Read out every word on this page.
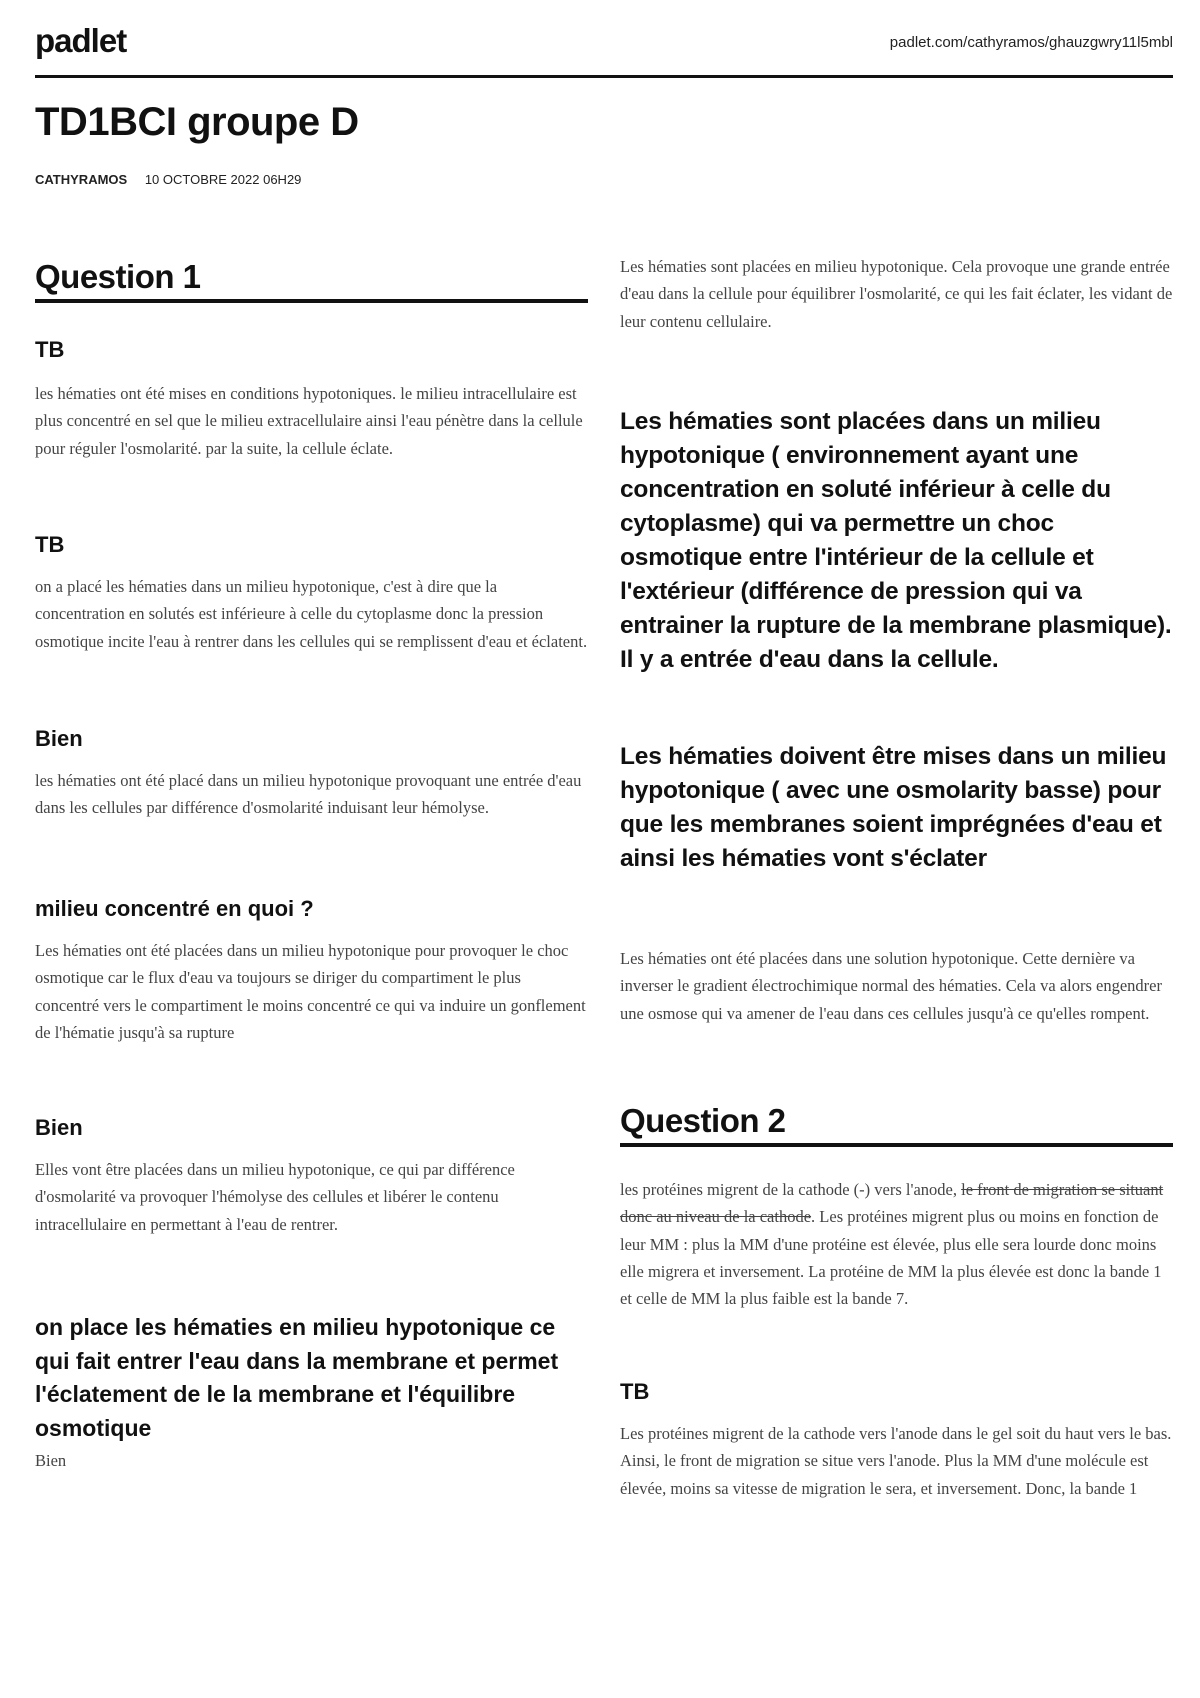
padlet	padlet.com/cathyramos/ghauzgwry11l5mbl
TD1BCI groupe D
CATHYRAMOS 10 OCTOBRE 2022 06H29
Question 1
TB

les hématies ont été mises en conditions hypotoniques. le milieu intracellulaire est plus concentré en sel que le milieu extracellulaire ainsi l'eau pénètre dans la cellule pour réguler l'osmolarité. par la suite, la cellule éclate.

TB

on a placé les hématies dans un milieu hypotonique, c'est à dire que la concentration en solutés est inférieure à celle du cytoplasme donc la pression osmotique incite l'eau à rentrer dans les cellules qui se remplissent d'eau et éclatent.

Bien

les hématies ont été placé dans un milieu hypotonique provoquant une entrée d'eau dans les cellules par différence d'osmolarité induisant leur hémolyse.

milieu concentré en quoi ?

Les hématies ont été placées dans un milieu hypotonique pour provoquer le choc osmotique car le flux d'eau va toujours se diriger du compartiment le plus concentré vers le compartiment le moins concentré ce qui va induire un gonflement de l'hématie jusqu'à sa rupture

Bien

Elles vont être placées dans un milieu hypotonique, ce qui par différence d'osmolarité va provoquer l'hémolyse des cellules et libérer le contenu intracellulaire en permettant à l'eau de rentrer.

on place les hématies en milieu hypotonique ce qui fait entrer l'eau dans la membrane et permet l'éclatement de le la membrane et l'équilibre osmotique

Bien

Les hématies sont placées en milieu hypotonique. Cela provoque une grande entrée d'eau dans la cellule pour équilibrer l'osmolarité, ce qui les fait éclater, les vidant de leur contenu cellulaire.

Les hématies sont placées dans un milieu hypotonique ( environnement ayant une concentration en soluté inférieur à celle du cytoplasme) qui va permettre un choc osmotique entre l'intérieur de la cellule et l'extérieur (différence de pression qui va entrainer la rupture de la membrane plasmique). Il y a entrée d'eau dans la cellule.
Les hématies doivent être mises dans un milieu hypotonique ( avec une osmolarity basse) pour que les membranes soient imprégnées d'eau et ainsi les hématies vont s'éclater

Les hématies ont été placées dans une solution hypotonique. Cette dernière va inverser le gradient électrochimique normal des hématies. Cela va alors engendrer une osmose qui va amener de l'eau dans ces cellules jusqu'à ce qu'elles rompent.

Question 2

les protéines migrent de la cathode (-) vers l'anode, le front de migration se situant donc au niveau de la cathode. Les protéines migrent plus ou moins en fonction de leur MM : plus la MM d'une protéine est élevée, plus elle sera lourde donc moins elle migrera et inversement. La protéine de MM la plus élevée est donc la bande 1 et celle de MM la plus faible est la bande 7.

TB

Les protéines migrent de la cathode vers l'anode dans le gel soit du haut vers le bas. Ainsi, le front de migration se situe vers l'anode. Plus la MM d'une molécule est élevée, moins sa vitesse de migration le sera, et inversement. Donc, la bande 1
